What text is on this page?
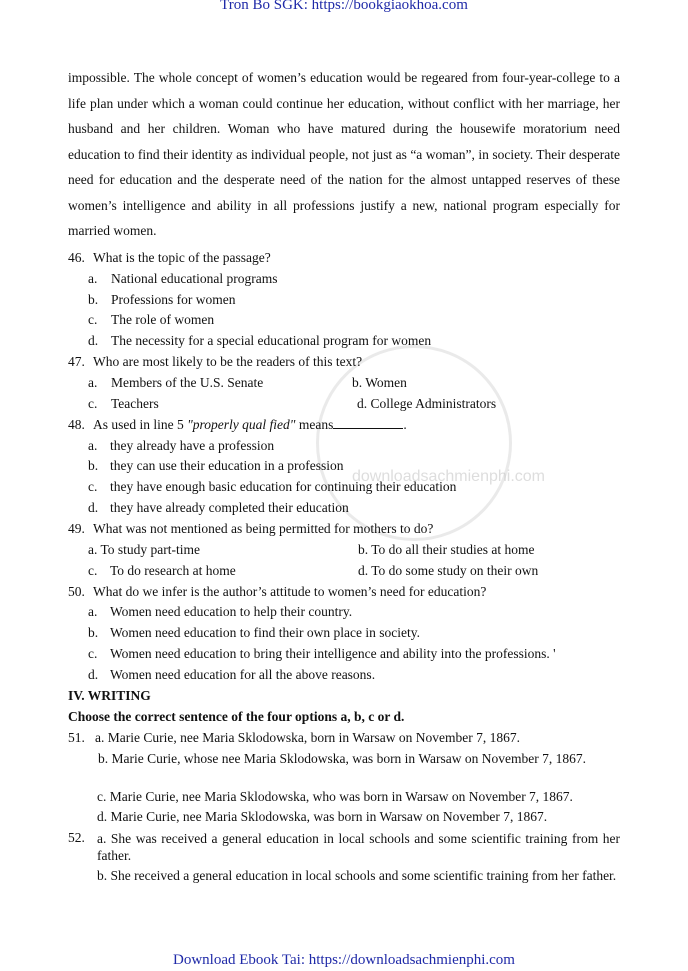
Tron Bo SGK: https://bookgiaokhoa.com
downloadsachmienphi.com
impossible. The whole concept of women’s education would be regeared from four-year-college to a life plan under which a woman could continue her education, without conflict with her marriage, her husband and her children. Woman who have matured during the housewife moratorium need education to find their identity as individual people, not just as “a woman”, in society. Their desperate need for education and the desperate need of the nation for the almost untapped reserves of these women’s intelligence and ability in all professions justify a new, national program especially for married women.
46. What is the topic of the passage?
a. National educational programs
b. Professions for women
c. The role of women
d. The necessity for a special educational program for women
47. Who are most likely to be the readers of this text?
a. Members of the U.S. Senate	b. Women
c. Teachers	d. College Administrators
48. As used in line 5 "properly qual fied" means	.
a. they already have a profession
b. they can use their education in a profession
c. they have enough basic education for continuing their education
d. they have already completed their education
49. What was not mentioned as being permitted for mothers to do?
a. To study part-time	b. To do all their studies at home
c. To do research at home	d. To do some study on their own
50. What do we infer is the author’s attitude to women’s need for education?
a. Women need education to help their country.
b. Women need education to find their own place in society.
c. Women need education to bring their intelligence and ability into the professions. '
d. Women need education for all the above reasons.
IV. WRITING
Choose the correct sentence of the four options a, b, c or d.
51. a. Marie Curie, nee Maria Sklodowska, born in Warsaw on November 7, 1867.
b. Marie Curie, whose nee Maria Sklodowska, was born in Warsaw on November 7, 1867.
c. Marie Curie, nee Maria Sklodowska, who was born in Warsaw on November 7, 1867.
d. Marie Curie, nee Maria Sklodowska, was born in Warsaw on November 7, 1867.
52. a. She was received a general education in local schools and some scientific training from her father.
b. She received a general education in local schools and some scientific training from her father.
Download Ebook Tai: https://downloadsachmienphi.com
